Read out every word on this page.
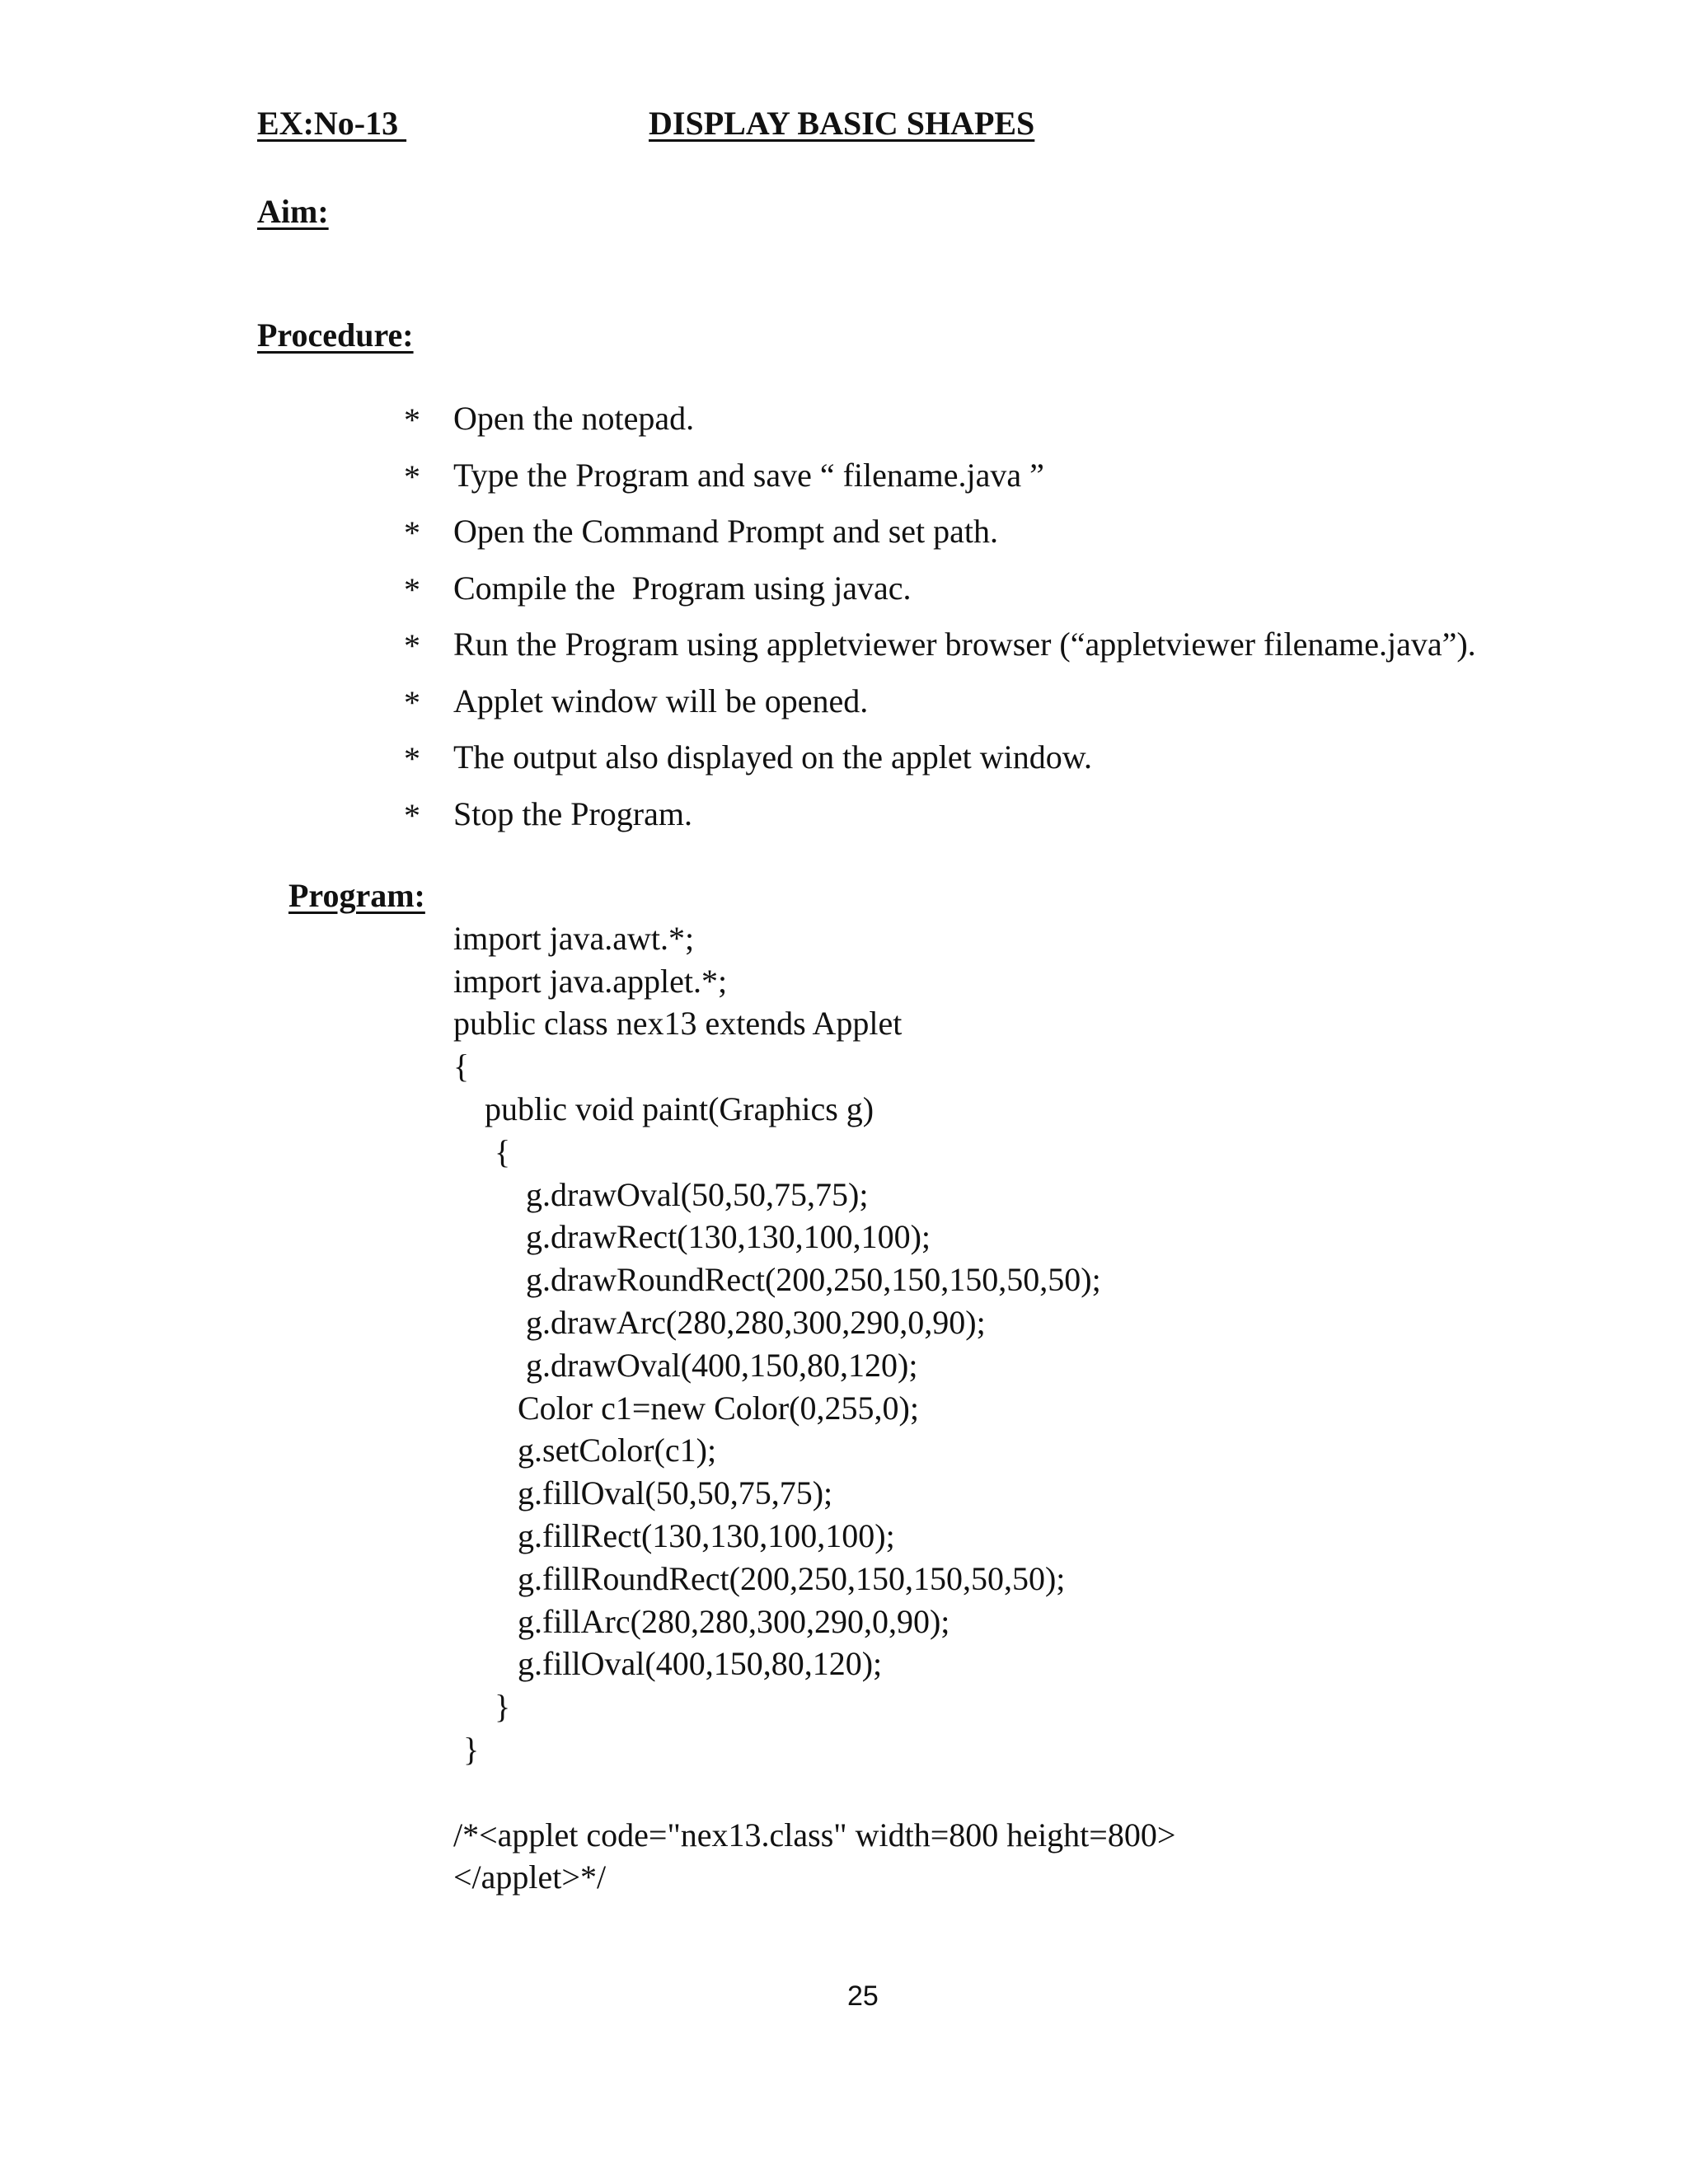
EX:No-13	DISPLAY BASIC SHAPES
Aim:
Procedure:
* Open the notepad.
* Type the Program and save “ filename.java ”
* Open the Command Prompt and set path.
* Compile the  Program using javac.
* Run the Program using appletviewer browser (“appletviewer filename.java”).
* Applet window will be opened.
* The output also displayed on the applet window.
* Stop the Program.
Program:
import java.awt.*;
import java.applet.*;
public class nex13 extends Applet
{
public void paint(Graphics g)
{
g.drawOval(50,50,75,75);
g.drawRect(130,130,100,100);
g.drawRoundRect(200,250,150,150,50,50);
g.drawArc(280,280,300,290,0,90);
g.drawOval(400,150,80,120);
Color c1=new Color(0,255,0);
g.setColor(c1);
g.fillOval(50,50,75,75);
g.fillRect(130,130,100,100);
g.fillRoundRect(200,250,150,150,50,50);
g.fillArc(280,280,300,290,0,90);
g.fillOval(400,150,80,120);
}
}
/*<applet code="nex13.class" width=800 height=800>
</applet>*/
25
